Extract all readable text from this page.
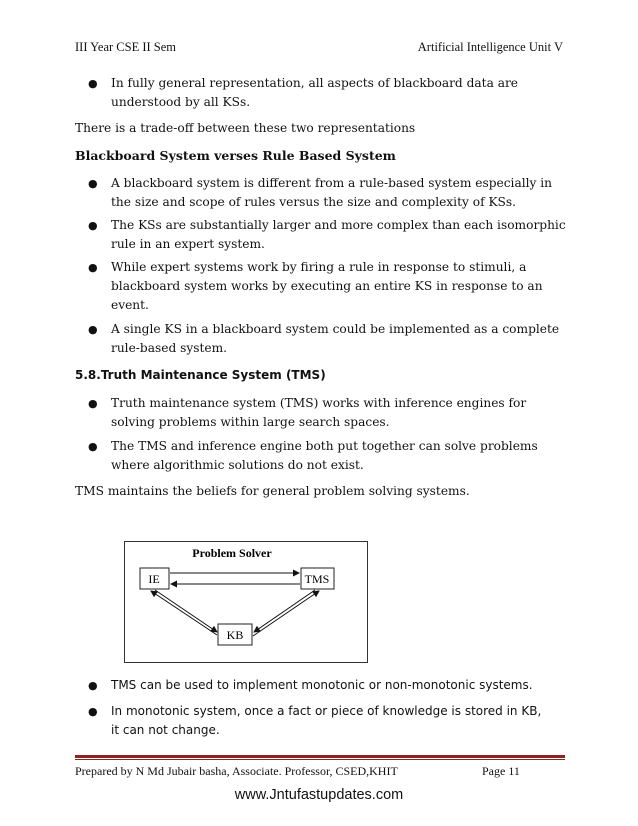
III Year CSE II Sem	Artificial Intelligence Unit V
● In fully general representation, all aspects of blackboard data are
understood by all KSs.
There is a trade-off between these two representations
Blackboard System verses Rule Based System
● A blackboard system is different from a rule-based system especially in
the size and scope of rules versus the size and complexity of KSs.
● The KSs are substantially larger and more complex than each isomorphic
rule in an expert system.
● While expert systems work by firing a rule in response to stimuli, a
blackboard system works by executing an entire KS in response to an
event.
● A single KS in a blackboard system could be implemented as a complete
rule-based system.
5.8.Truth Maintenance System (TMS)
● Truth maintenance system (TMS) works with inference engines for
solving problems within large search spaces.
● The TMS and inference engine both put together can solve problems
where algorithmic solutions do not exist.
TMS maintains the beliefs for general problem solving systems.
Problem Solver
IE	TMS
KB
● TMS can be used to implement monotonic or non-monotonic systems.
● In monotonic system, once a fact or piece of knowledge is stored in KB,
it can not change.
Prepared by N Md Jubair basha, Associate. Professor, CSED,KHIT	Page 11
www.Jntufastupdates.com
